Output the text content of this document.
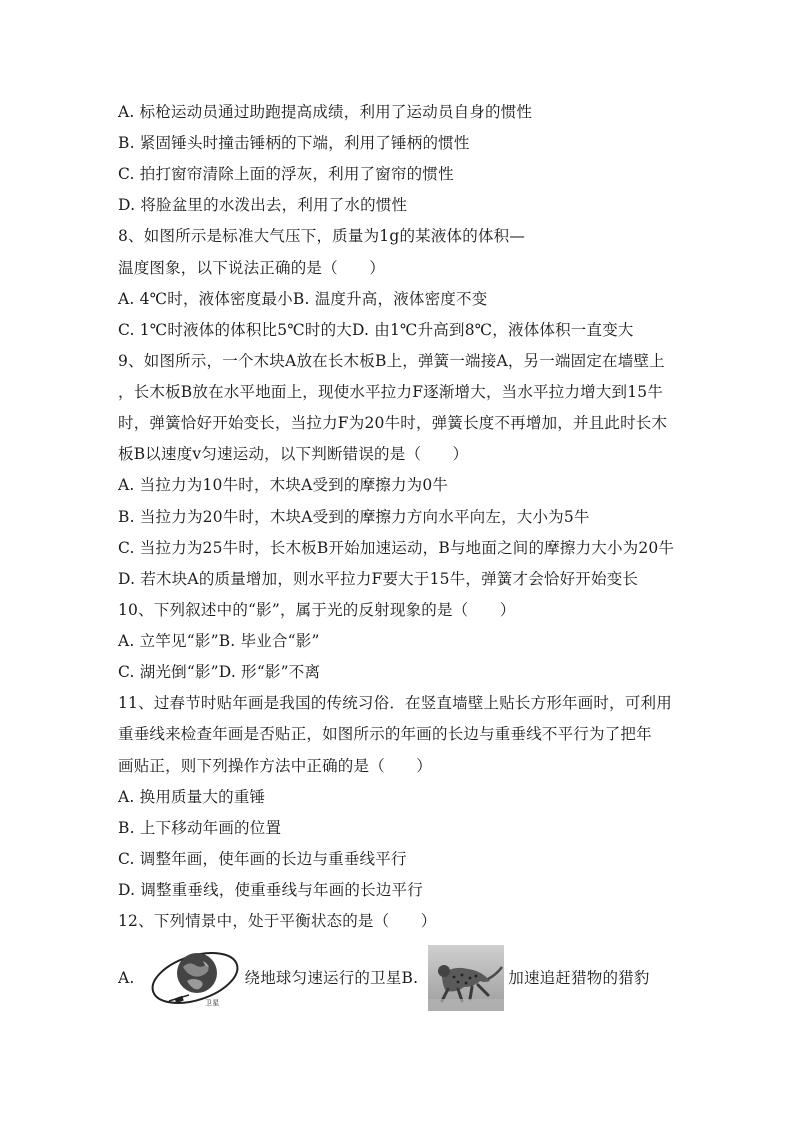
A. 标枪运动员通过助跑提高成绩，利用了运动员自身的惯性
B. 紧固锤头时撞击锤柄的下端，利用了锤柄的惯性
C. 拍打窗帘清除上面的浮灰，利用了窗帘的惯性
D. 将脸盆里的水泼出去，利用了水的惯性
8、如图所示是标准大气压下，质量为1g的某液体的体积—
温度图象，以下说法正确的是（　　）
A. 4℃时，液体密度最小B. 温度升高，液体密度不变
C. 1℃时液体的体积比5℃时的大D. 由1℃升高到8℃，液体体积一直变大
9、如图所示，一个木块A放在长木板B上，弹簧一端接A，另一端固定在墙壁上
，长木板B放在水平地面上，现使水平拉力F逐渐增大，当水平拉力增大到15牛
时，弹簧恰好开始变长，当拉力F为20牛时，弹簧长度不再增加，并且此时长木
板B以速度v匀速运动，以下判断错误的是（　　）
A. 当拉力为10牛时，木块A受到的摩擦力为0牛
B. 当拉力为20牛时，木块A受到的摩擦力方向水平向左，大小为5牛
C. 当拉力为25牛时，长木板B开始加速运动，B与地面之间的摩擦力大小为20牛
D. 若木块A的质量增加，则水平拉力F要大于15牛，弹簧才会恰好开始变长
10、下列叙述中的“影”，属于光的反射现象的是（　　）
A. 立竿见“影”B. 毕业合“影”
C. 湖光倒“影”D. 形“影”不离
11、过春节时贴年画是我国的传统习俗．在竖直墙壁上贴长方形年画时，可利用
重垂线来检查年画是否贴正，如图所示的年画的长边与重垂线不平行为了把年
画贴正，则下列操作方法中正确的是（　　）
A. 换用质量大的重锤
B. 上下移动年画的位置
C. 调整年画，使年画的长边与重垂线平行
D. 调整重垂线，使重垂线与年画的长边平行
12、下列情景中，处于平衡状态的是（　　）
A.
卫星
绕地球匀速运行的卫星B.	加速追赶猎物的猎豹
